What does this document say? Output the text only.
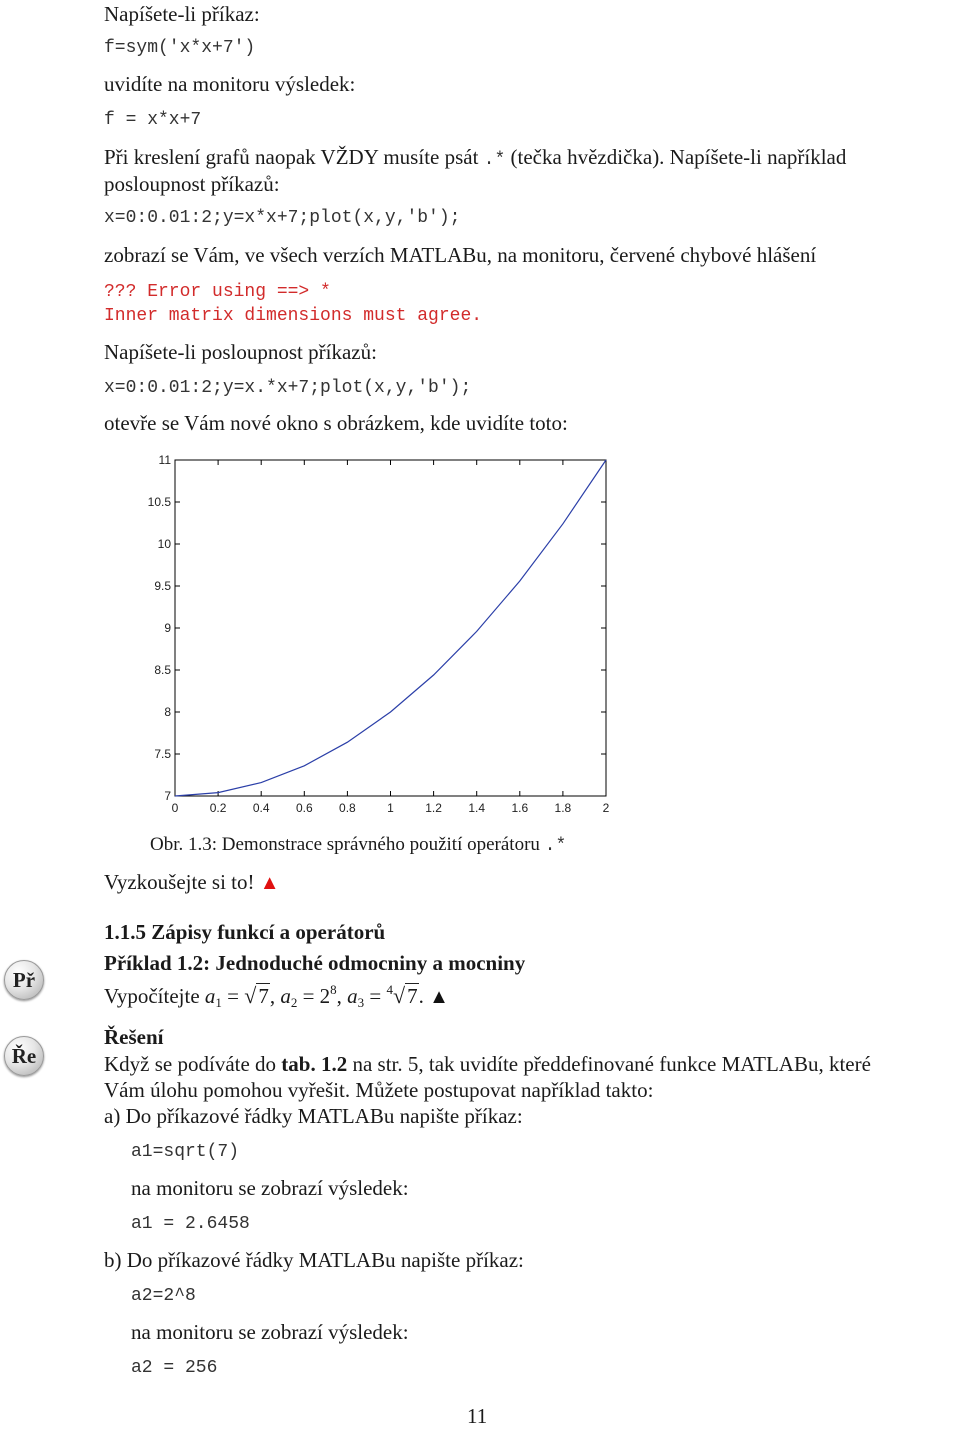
Napíšete-li příkaz:
f=sym('x*x+7')
uvidíte na monitoru výsledek:
f = x*x+7
Při kreslení grafů naopak VŽDY musíte psát .* (tečka hvězdička). Napíšete-li například
posloupnost příkazů:
x=0:0.01:2;y=x*x+7;plot(x,y,'b');
zobrazí se Vám, ve všech verzích MATLABu, na monitoru, červené chybové hlášení
??? Error using ==> *
Inner matrix dimensions must agree.
Napíšete-li posloupnost příkazů:
x=0:0.01:2;y=x.*x+7;plot(x,y,'b');
otevře se Vám nové okno s obrázkem, kde uvidíte toto:
0	0.2 0.4 0.6 0.8	1	1.2 1.4 1.6 1.8	2
7
7.5
8
8.5
9
9.5
10
10.5
11
Obr. 1.3: Demonstrace správného použití operátoru .*
Vyzkoušejte si to! ▲
1.1.5 Zápisy funkcí a operátorů
Př
Příklad 1.2: Jednoduché odmocniny a mocniny
Vypočítejte $a_1 = √7$, $a_2 = 2^8$, $a_3 = ^4√7$. ▲
Ře
Řešení
Když se podíváte do tab. 1.2 na str. 5, tak uvidíte předdefinované funkce MATLABu, které
Vám úlohu pomohou vyřešit. Můžete postupovat například takto:
a) Do příkazové řádky MATLABu napište příkaz:
a1=sqrt(7)
na monitoru se zobrazí výsledek:
a1 = 2.6458
b) Do příkazové řádky MATLABu napište příkaz:
a2=2^8
na monitoru se zobrazí výsledek:
a2 = 256
11
